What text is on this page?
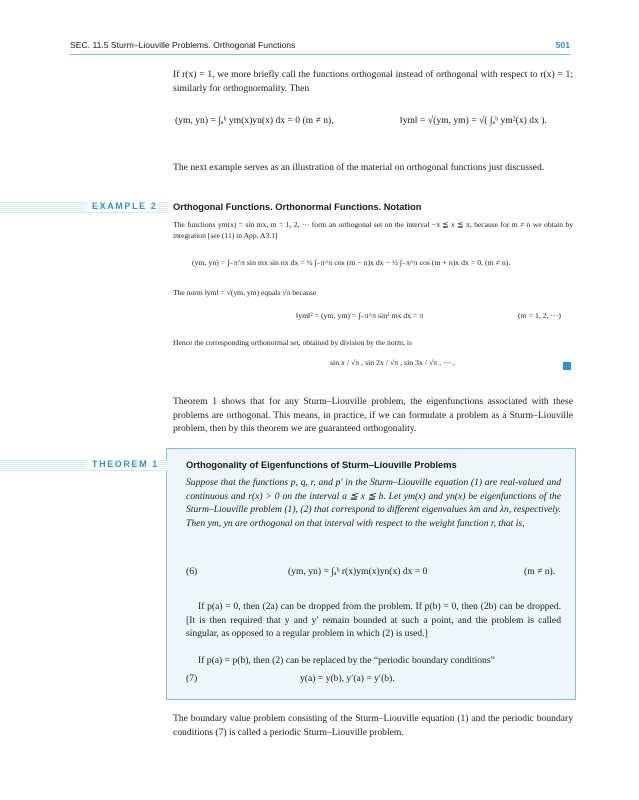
SEC. 11.5 Sturm–Liouville Problems. Orthogonal Functions	501
If r(x) = 1, we more briefly call the functions orthogonal instead of orthogonal with respect to r(x) = 1; similarly for orthognormality. Then
(ym, yn) = ∫ₐᵇ ym(x)yn(x) dx = 0 (m ≠ n),	‖ym‖ = √(ym, ym) = √( ∫ₐᵇ ym²(x) dx ).
The next example serves as an illustration of the material on orthogonal functions just discussed.
EXAMPLE 2 Orthogonal Functions. Orthonormal Functions. Notation
The functions ym(x) = sin mx, m = 1, 2, ··· form an orthogonal set on the interval −π ≦ x ≦ π, because for m ≠ n we obtain by integration [see (11) in App. A3.1]
(ym, yn) = ∫₋π^π sin mx sin nx dx = ½ ∫₋π^π cos (m − n)x dx − ½ ∫₋π^π cos (m + n)x dx = 0, (m ≠ n).
The norm ‖ym‖ = √(ym, ym) equals √π because
‖ym‖² = (ym, ym) = ∫₋π^π sin² mx dx = π	(m = 1, 2, ···)
Hence the corresponding orthonormal set, obtained by division by the norm, is
sin x / √π , sin 2x / √π , sin 3x / √π , ··· .
Theorem 1 shows that for any Sturm–Liouville problem, the eigenfunctions associated with these problems are orthogonal. This means, in practice, if we can formulate a problem as a Sturm–Liouville problem, then by this theorem we are guaranteed orthogonality.
THEOREM 1	Orthogonality of Eigenfunctions of Sturm–Liouville Problems
Suppose that the functions p, q, r, and p′ in the Sturm–Liouville equation (1) are real-valued and continuous and r(x) > 0 on the interval a ≦ x ≦ b. Let ym(x) and yn(x) be eigenfunctions of the Sturm–Liouville problem (1), (2) that correspond to different eigenvalues λm and λn, respectively. Then ym, yn are orthogonal on that interval with respect to the weight function r, that is,
(6)	(ym, yn) = ∫ₐᵇ r(x)ym(x)yn(x) dx = 0	(m ≠ n).
If p(a) = 0, then (2a) can be dropped from the problem. If p(b) = 0, then (2b) can be dropped. [It is then required that y and y′ remain bounded at such a point, and the problem is called singular, as opposed to a regular problem in which (2) is used.]
If p(a) = p(b), then (2) can be replaced by the “periodic boundary conditions”
(7)	y(a) = y(b), y′(a) = y′(b).
The boundary value problem consisting of the Sturm–Liouville equation (1) and the periodic boundary conditions (7) is called a periodic Sturm–Liouville problem.
